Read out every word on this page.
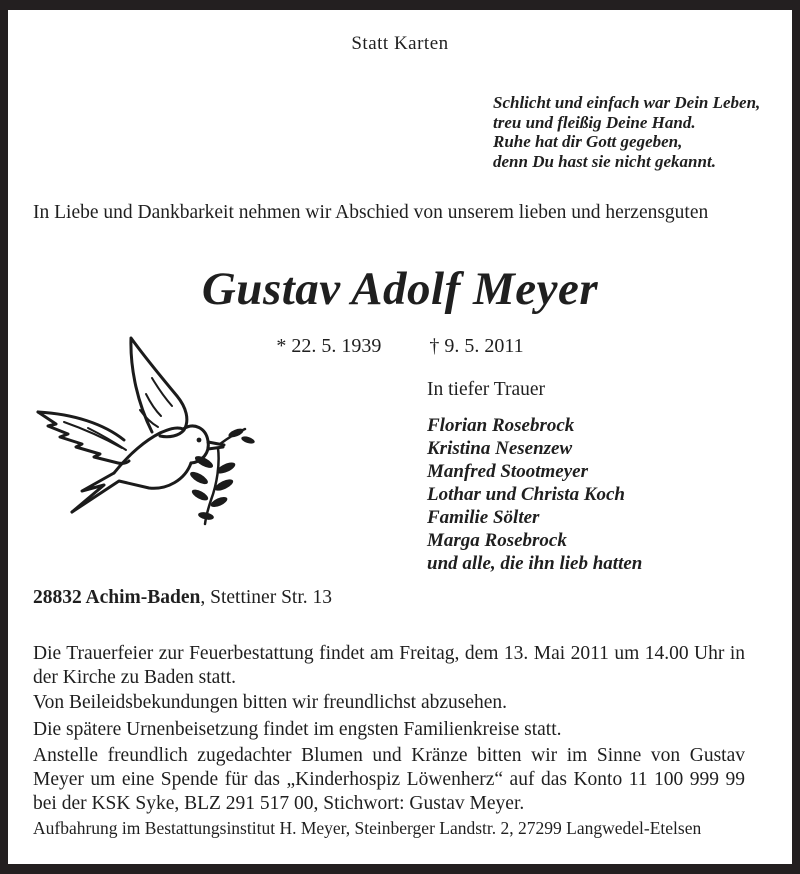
Statt Karten
Schlicht und einfach war Dein Leben,
treu und fleißig Deine Hand.
Ruhe hat dir Gott gegeben,
denn Du hast sie nicht gekannt.
In Liebe und Dankbarkeit nehmen wir Abschied von unserem lieben und herzensguten
Gustav Adolf Meyer
* 22. 5. 1939 † 9. 5. 2011
In tiefer Trauer
Florian Rosebrock
Kristina Nesenzew
Manfred Stootmeyer
Lothar und Christa Koch
Familie Sölter
Marga Rosebrock
und alle, die ihn lieb hatten
28832 Achim-Baden, Stettiner Str. 13
Die Trauerfeier zur Feuerbestattung findet am Freitag, dem 13. Mai 2011 um 14.00 Uhr in der Kirche zu Baden statt.
Von Beileidsbekundungen bitten wir freundlichst abzusehen.
Die spätere Urnenbeisetzung findet im engsten Familienkreise statt.
Anstelle freundlich zugedachter Blumen und Kränze bitten wir im Sinne von Gustav Meyer um eine Spende für das „Kinderhospiz Löwenherz“ auf das Konto 11 100 999 99 bei der KSK Syke, BLZ 291 517 00, Stichwort: Gustav Meyer.
Aufbahrung im Bestattungsinstitut H. Meyer, Steinberger Landstr. 2, 27299 Langwedel-Etelsen
